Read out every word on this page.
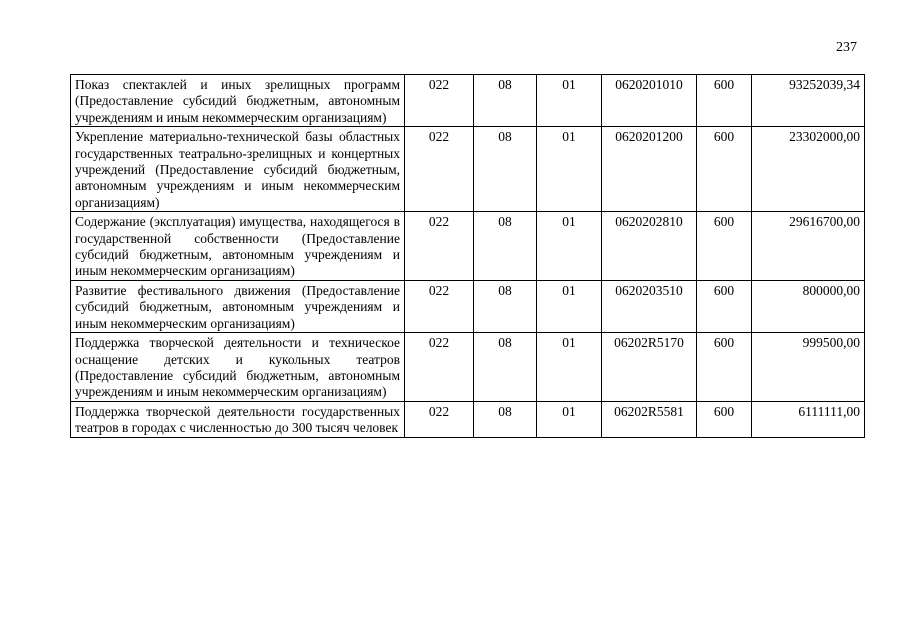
237
Показ спектаклей и иных зрелищных программ (Предоставление субсидий бюджетным, автономным учреждениям и иным некоммерческим организациям)	022	08	01	0620201010	600	93252039,34
Укрепление материально-технической базы областных государственных театрально-зрелищных и концертных учреждений (Предоставление субсидий бюджетным, автономным учреждениям и иным некоммерческим организациям)	022	08	01	0620201200	600	23302000,00
Содержание (эксплуатация) имущества, находящегося в государственной собственности (Предоставление субсидий бюджетным, автономным учреждениям и иным некоммерческим организациям)	022	08	01	0620202810	600	29616700,00
Развитие фестивального движения (Предоставление субсидий бюджетным, автономным учреждениям и иным некоммерческим организациям)	022	08	01	0620203510	600	800000,00
Поддержка творческой деятельности и техническое оснащение детских и кукольных театров (Предоставление субсидий бюджетным, автономным учреждениям и иным некоммерческим организациям)	022	08	01	06202R5170	600	999500,00
Поддержка творческой деятельности государственных театров в городах с численностью до 300 тысяч человек	022	08	01	06202R5581	600	6111111,00
